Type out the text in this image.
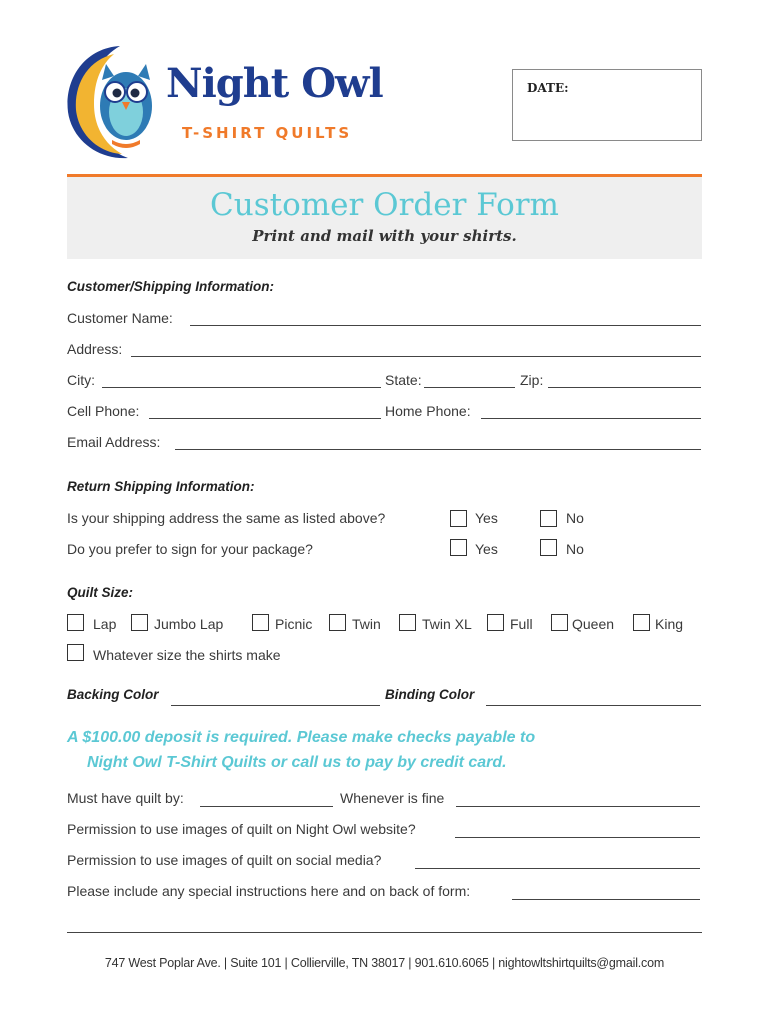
Night Owl
T-SHIRT QUILTS
DATE:
Customer Order Form
Print and mail with your shirts.
Customer/Shipping Information:
Customer Name:
Address:
City:	State:	Zip:
Cell Phone:	Home Phone:
Email Address:
Return Shipping Information:
Is your shipping address the same as listed above?	Yes	No
Do you prefer to sign for your package?	Yes	No
Quilt Size:
Lap	Jumbo Lap	Picnic	Twin	Twin XL	Full	Queen	King
Whatever size the shirts make
Backing Color	Binding Color
A $100.00 deposit is required. Please make checks payable to
Night Owl T-Shirt Quilts or call us to pay by credit card.
Must have quilt by:	Whenever is fine
Permission to use images of quilt on Night Owl website?
Permission to use images of quilt on social media?
Please include any special instructions here and on back of form:
747 West Poplar Ave. | Suite 101 | Collierville, TN 38017 | 901.610.6065 | nightowltshirtquilts@gmail.com
